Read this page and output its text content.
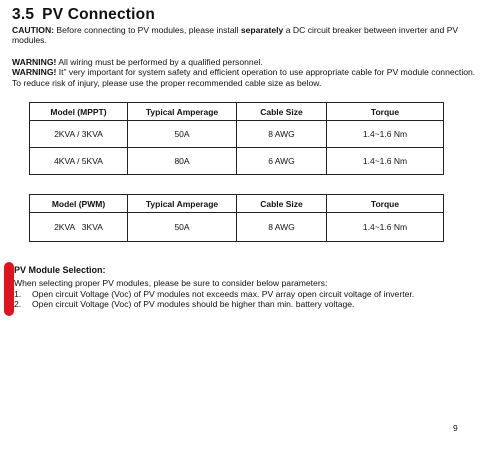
3.5 PV Connection

CAUTION: Before connecting to PV modules, please install separately a DC circuit breaker between inverter and PV modules.

WARNING! All wiring must be performed by a qualified personnel.
WARNING! It” very important for system safety and efficient operation to use appropriate cable for PV module connection. To reduce risk of injury, please use the proper recommended cable size as below.
Model (MPPT)	Typical Amperage	Cable Size	Torque
2KVA / 3KVA	50A	8 AWG	1.4~1.6 Nm
4KVA / 5KVA	80A	6 AWG	1.4~1.6 Nm
Model (PWM)	Typical Amperage	Cable Size	Torque
2KVA   3KVA	50A	8 AWG	1.4~1.6 Nm
PV Module Selection:
When selecting proper PV modules, please be sure to consider below parameters:
1.	Open circuit Voltage (Voc) of PV modules not exceeds max. PV array open circuit voltage of inverter.
2.	Open circuit Voltage (Voc) of PV modules should be higher than min. battery voltage.
9
